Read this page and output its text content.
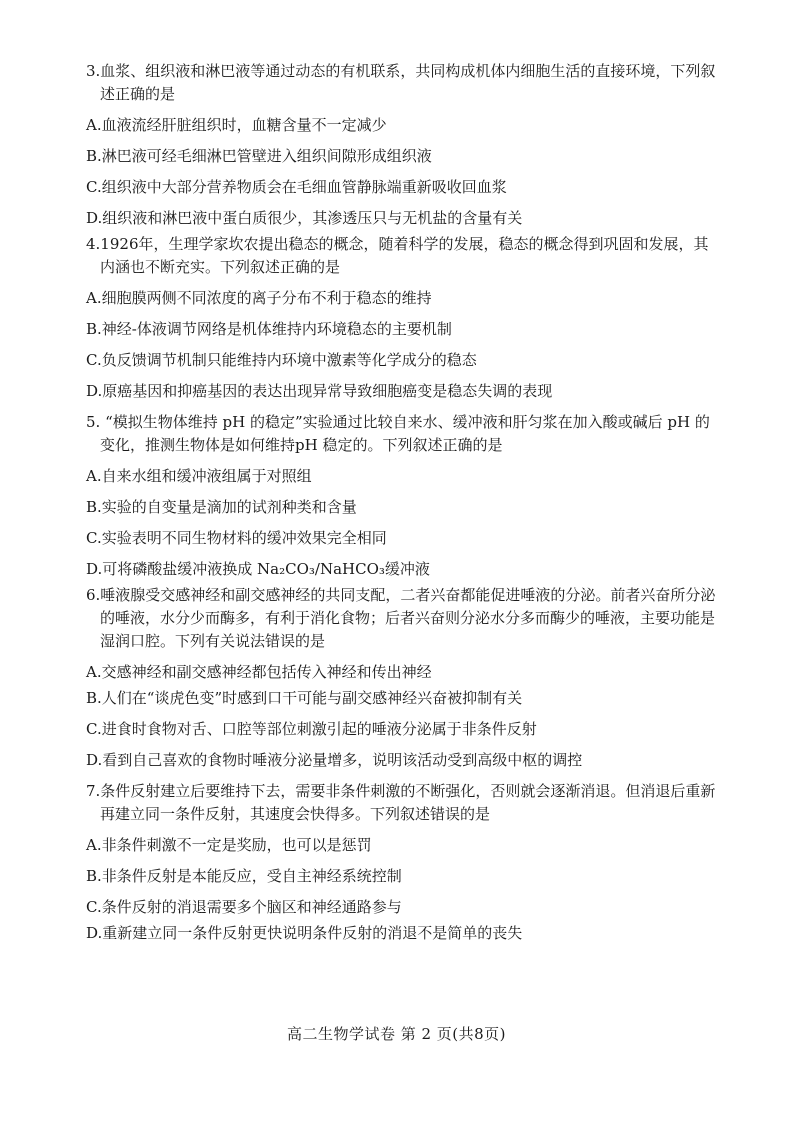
3.血浆、组织液和淋巴液等通过动态的有机联系，共同构成机体内细胞生活的直接环境，下列叙述正确的是
A.血液流经肝脏组织时，血糖含量不一定减少
B.淋巴液可经毛细淋巴管壁进入组织间隙形成组织液
C.组织液中大部分营养物质会在毛细血管静脉端重新吸收回血浆
D.组织液和淋巴液中蛋白质很少，其渗透压只与无机盐的含量有关
4.1926年，生理学家坎农提出稳态的概念，随着科学的发展，稳态的概念得到巩固和发展，其内涵也不断充实。下列叙述正确的是
A.细胞膜两侧不同浓度的离子分布不利于稳态的维持
B.神经-体液调节网络是机体维持内环境稳态的主要机制
C.负反馈调节机制只能维持内环境中激素等化学成分的稳态
D.原癌基因和抑癌基因的表达出现异常导致细胞癌变是稳态失调的表现
5. “模拟生物体维持 pH 的稳定”实验通过比较自来水、缓冲液和肝匀浆在加入酸或碱后 pH 的变化，推测生物体是如何维持pH 稳定的。下列叙述正确的是
A.自来水组和缓冲液组属于对照组
B.实验的自变量是滴加的试剂种类和含量
C.实验表明不同生物材料的缓冲效果完全相同
D.可将磷酸盐缓冲液换成 Na₂CO₃/NaHCO₃缓冲液
6.唾液腺受交感神经和副交感神经的共同支配，二者兴奋都能促进唾液的分泌。前者兴奋所分泌的唾液，水分少而酶多，有利于消化食物；后者兴奋则分泌水分多而酶少的唾液，主要功能是湿润口腔。下列有关说法错误的是
A.交感神经和副交感神经都包括传入神经和传出神经
B.人们在“谈虎色变”时感到口干可能与副交感神经兴奋被抑制有关
C.进食时食物对舌、口腔等部位刺激引起的唾液分泌属于非条件反射
D.看到自己喜欢的食物时唾液分泌量增多，说明该活动受到高级中枢的调控
7.条件反射建立后要维持下去，需要非条件刺激的不断强化，否则就会逐渐消退。但消退后重新再建立同一条件反射，其速度会快得多。下列叙述错误的是
A.非条件刺激不一定是奖励，也可以是惩罚
B.非条件反射是本能反应，受自主神经系统控制
C.条件反射的消退需要多个脑区和神经通路参与
D.重新建立同一条件反射更快说明条件反射的消退不是简单的丧失
高二生物学试卷 第 2 页(共8页)
